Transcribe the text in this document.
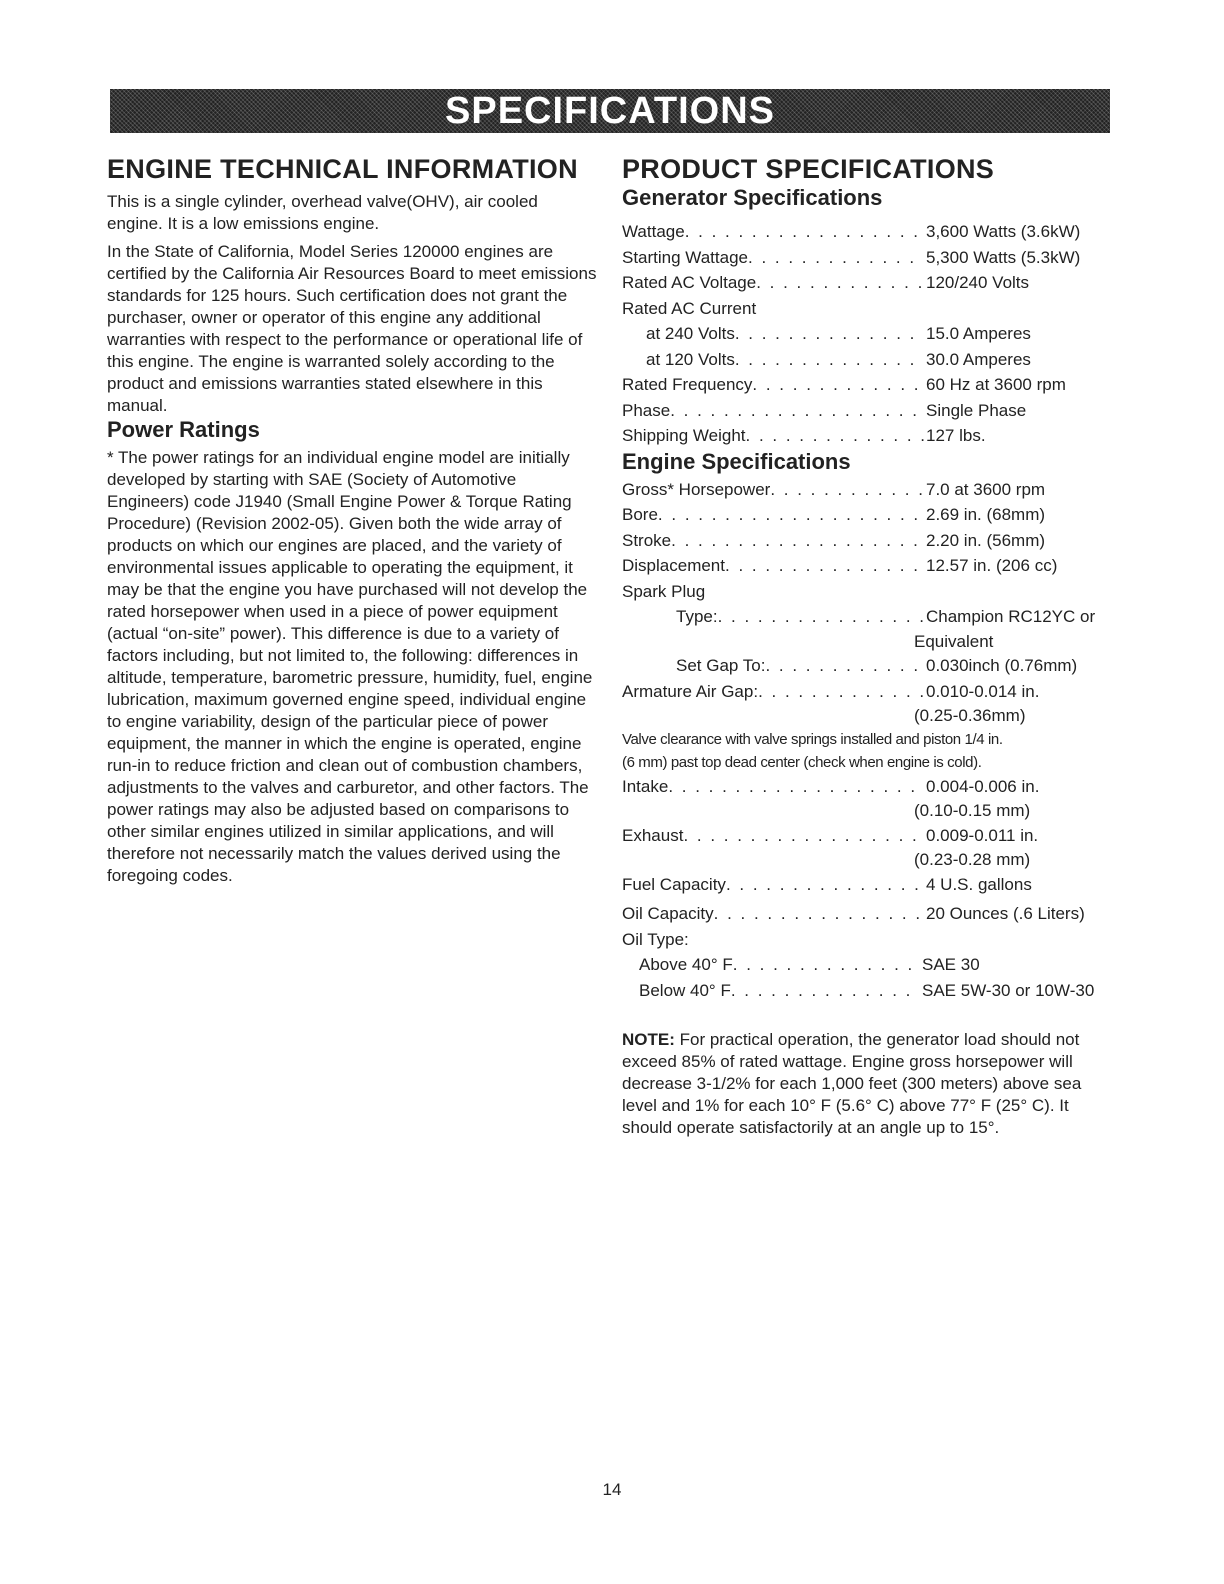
SPECIFICATIONS
ENGINE TECHNICAL INFORMATION

This is a single cylinder, overhead valve(OHV), air cooled engine. It is a low emissions engine.

In the State of California, Model Series 120000 engines are certified by the California Air Resources Board to meet emissions standards for 125 hours. Such certification does not grant the purchaser, owner or operator of this engine any additional warranties with respect to the performance or operational life of this engine. The engine is warranted solely according to the product and emissions warranties stated elsewhere in this manual.

Power Ratings

* The power ratings for an individual engine model are initially developed by starting with SAE (Society of Automotive Engineers) code J1940 (Small Engine Power & Torque Rating Procedure) (Revision 2002-05). Given both the wide array of products on which our engines are placed, and the variety of environmental issues applicable to operating the equipment, it may be that the engine you have purchased will not develop the rated horsepower when used in a piece of power equipment (actual “on-site” power). This difference is due to a variety of factors including, but not limited to, the following: differences in altitude, temperature, barometric pressure, humidity, fuel, engine lubrication, maximum governed engine speed, individual engine to engine variability, design of the particular piece of power equipment, the manner in which the engine is operated, engine run-in to reduce friction and clean out of combustion chambers, adjustments to the valves and carburetor, and other factors. The power ratings may also be adjusted based on comparisons to other similar engines utilized in similar applications, and will therefore not necessarily match the values derived using the foregoing codes.

PRODUCT SPECIFICATIONS
Generator Specifications
Wattage . . .	3,600 Watts (3.6kW)
Starting Wattage . . .	5,300 Watts (5.3kW)
Rated AC Voltage . . .	120/240 Volts
Rated AC Current
at 240 Volts . . .	15.0 Amperes
at 120 Volts . . .	30.0 Amperes
Rated Frequency . . .	60 Hz at 3600 rpm
Phase . . .	Single Phase
Shipping Weight . . .	127 lbs.
Engine Specifications
Gross* Horsepower . . .	7.0 at 3600 rpm
Bore . . .	2.69 in. (68mm)
Stroke . . .	2.20 in. (56mm)
Displacement . . .	12.57 in. (206 cc)
Spark Plug
Type: . . .	Champion RC12YC or
Equivalent
Set Gap To: . . .	0.030inch (0.76mm)
Armature Air Gap: . . .	0.010-0.014 in.
(0.25-0.36mm)
Valve clearance with valve springs installed and piston 1/4 in.
(6 mm) past top dead center (check when engine is cold).
Intake . . .	0.004-0.006 in.
(0.10-0.15 mm)
Exhaust . . .	0.009-0.011 in.
(0.23-0.28 mm)
Fuel Capacity . . .	4 U.S. gallons
Oil Capacity . . .	20 Ounces (.6 Liters)
Oil Type:
Above 40° F . . .	SAE 30
Below 40° F . . .	SAE 5W-30 or 10W-30

NOTE: For practical operation, the generator load should not exceed 85% of rated wattage. Engine gross horsepower will decrease 3-1/2% for each 1,000 feet (300 meters) above sea level and 1% for each 10° F (5.6° C) above 77° F (25° C). It should operate satisfactorily at an angle up to 15°.

14
